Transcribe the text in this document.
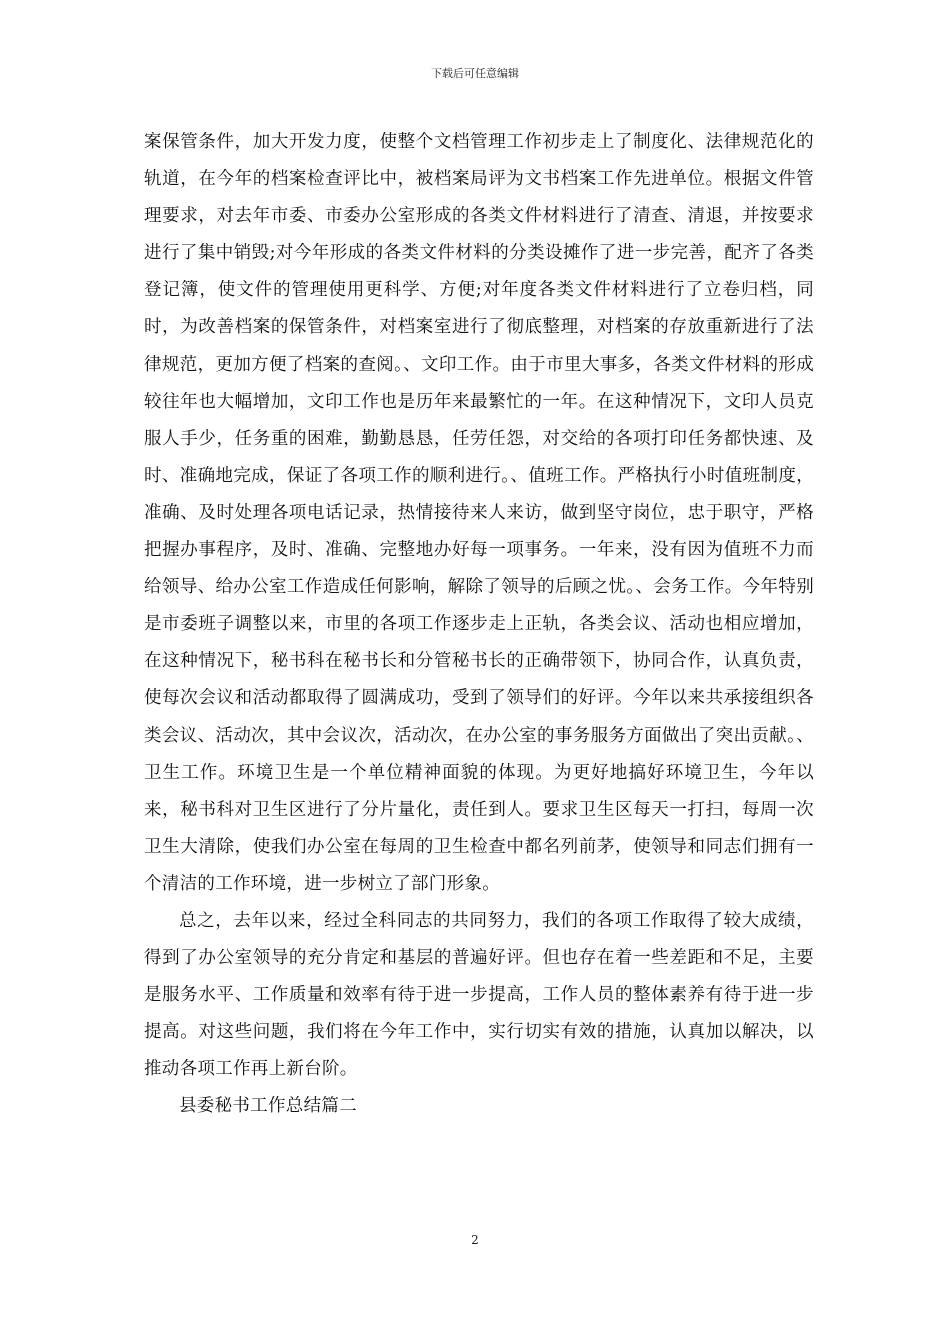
下载后可任意编辑

案保管条件，加大开发力度，使整个文档管理工作初步走上了制度化、法律规范化的轨道，在今年的档案检查评比中，被档案局评为文书档案工作先进单位。根据文件管理要求，对去年市委、市委办公室形成的各类文件材料进行了清查、清退，并按要求进行了集中销毁;对今年形成的各类文件材料的分类设摊作了进一步完善，配齐了各类登记簿，使文件的管理使用更科学、方便;对年度各类文件材料进行了立卷归档，同时，为改善档案的保管条件，对档案室进行了彻底整理，对档案的存放重新进行了法律规范，更加方便了档案的查阅。、文印工作。由于市里大事多，各类文件材料的形成较往年也大幅增加，文印工作也是历年来最繁忙的一年。在这种情况下，文印人员克服人手少，任务重的困难，勤勤恳恳，任劳任怨，对交给的各项打印任务都快速、及时、准确地完成，保证了各项工作的顺利进行。、值班工作。严格执行小时值班制度，准确、及时处理各项电话记录，热情接待来人来访，做到坚守岗位，忠于职守，严格把握办事程序，及时、准确、完整地办好每一项事务。一年来，没有因为值班不力而给领导、给办公室工作造成任何影响，解除了领导的后顾之忧。、会务工作。今年特别是市委班子调整以来，市里的各项工作逐步走上正轨，各类会议、活动也相应增加，在这种情况下，秘书科在秘书长和分管秘书长的正确带领下，协同合作，认真负责，使每次会议和活动都取得了圆满成功，受到了领导们的好评。今年以来共承接组织各类会议、活动次，其中会议次，活动次，在办公室的事务服务方面做出了突出贡献。、卫生工作。环境卫生是一个单位精神面貌的体现。为更好地搞好环境卫生，今年以来，秘书科对卫生区进行了分片量化，责任到人。要求卫生区每天一打扫，每周一次卫生大清除，使我们办公室在每周的卫生检查中都名列前茅，使领导和同志们拥有一个清洁的工作环境，进一步树立了部门形象。

总之，去年以来，经过全科同志的共同努力，我们的各项工作取得了较大成绩，得到了办公室领导的充分肯定和基层的普遍好评。但也存在着一些差距和不足，主要是服务水平、工作质量和效率有待于进一步提高，工作人员的整体素养有待于进一步提高。对这些问题，我们将在今年工作中，实行切实有效的措施，认真加以解决，以推动各项工作再上新台阶。

县委秘书工作总结篇二

2
